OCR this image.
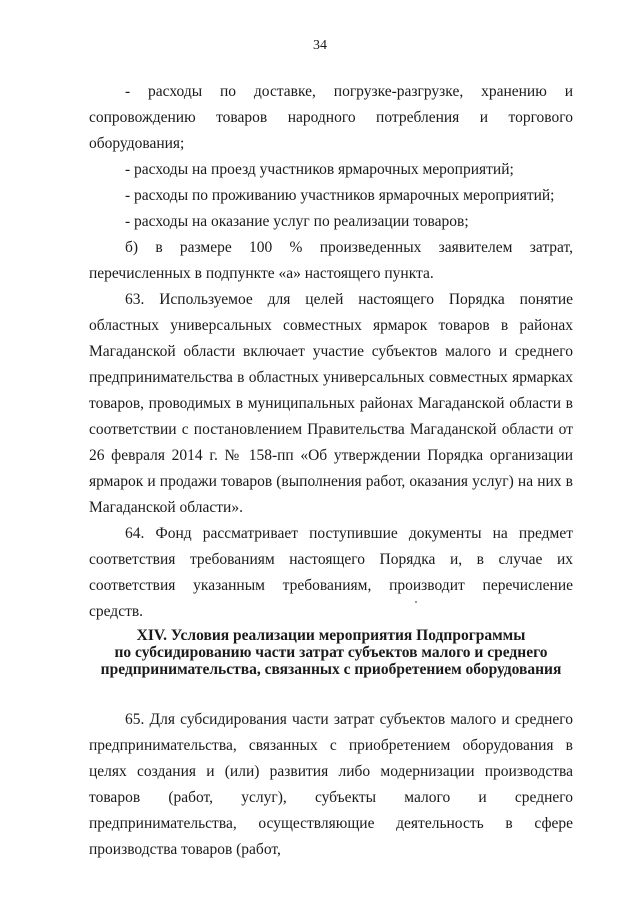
34

- расходы по доставке, погрузке-разгрузке, хранению и сопровождению товаров народного потребления и торгового оборудования;

- расходы на проезд участников ярмарочных мероприятий;

- расходы по проживанию участников ярмарочных мероприятий;

- расходы на оказание услуг по реализации товаров;

б) в размере 100 % произведенных заявителем затрат, перечисленных в подпункте «а» настоящего пункта.

63. Используемое для целей настоящего Порядка понятие областных универсальных совместных ярмарок товаров в районах Магаданской области включает участие субъектов малого и среднего предпринимательства в областных универсальных совместных ярмарках товаров, проводимых в муниципальных районах Магаданской области в соответствии с постановлением Правительства Магаданской области от 26 февраля 2014 г. № 158-пп «Об утверждении Порядка организации ярмарок и продажи товаров (выполнения работ, оказания услуг) на них в Магаданской области».

64. Фонд рассматривает поступившие документы на предмет соответствия требованиям настоящего Порядка и, в случае их соответствия указанным требованиям, производит перечисление средств.

XIV. Условия реализации мероприятия Подпрограммы
по субсидированию части затрат субъектов малого и среднего
предпринимательства, связанных с приобретением оборудования

65. Для субсидирования части затрат субъектов малого и среднего предпринимательства, связанных с приобретением оборудования в целях создания и (или) развития либо модернизации производства товаров (работ, услуг), субъекты малого и среднего предпринимательства, осуществляющие деятельность в сфере производства товаров (работ,
